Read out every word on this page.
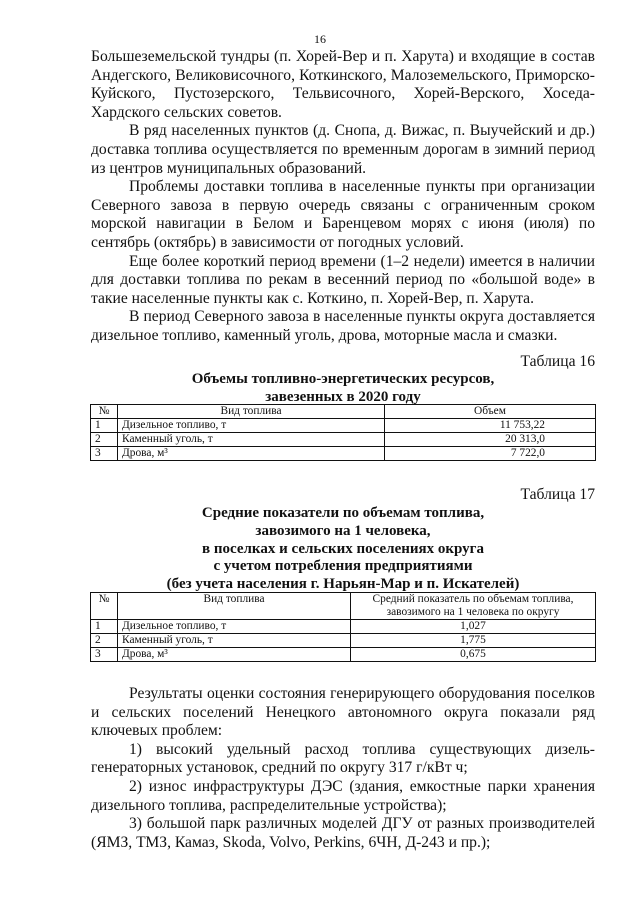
16

Большеземельской тундры (п. Хорей-Вер и п. Харута) и входящие в состав Андегского, Великовисочного, Коткинского, Малоземельского, Приморско-Куйского, Пустозерского, Тельвисочного, Хорей-Верского, Хоседа-Хардского сельских советов.

В ряд населенных пунктов (д. Снопа, д. Вижас, п. Выучейский и др.) доставка топлива осуществляется по временным дорогам в зимний период из центров муниципальных образований.

Проблемы доставки топлива в населенные пункты при организации Северного завоза в первую очередь связаны с ограниченным сроком морской навигации в Белом и Баренцевом морях с июня (июля) по сентябрь (октябрь) в зависимости от погодных условий.

Еще более короткий период времени (1–2 недели) имеется в наличии для доставки топлива по рекам в весенний период по «большой воде» в такие населенные пункты как с. Коткино, п. Хорей-Вер, п. Харута.

В период Северного завоза в населенные пункты округа доставляется дизельное топливо, каменный уголь, дрова, моторные масла и смазки.

Таблица 16
Объемы топливно-энергетических ресурсов,
завезенных в 2020 году
№	Вид топлива	Объем
1	Дизельное топливо, т	11 753,22
2	Каменный уголь, т	20 313,0
3	Дрова, м³	7 722,0
Таблица 17
Средние показатели по объемам топлива,
завозимого на 1 человека,
в поселках и сельских поселениях округа
с учетом потребления предприятиями
(без учета населения г. Нарьян-Мар и п. Искателей)
№	Вид топлива	Средний показатель по объемам топлива, завозимого на 1 человека по округу
1	Дизельное топливо, т	1,027
2	Каменный уголь, т	1,775
3	Дрова, м³	0,675

Результаты оценки состояния генерирующего оборудования поселков и сельских поселений Ненецкого автономного округа показали ряд ключевых проблем:

1) высокий удельный расход топлива существующих дизель-генераторных установок, средний по округу 317 г/кВт ч;

2) износ инфраструктуры ДЭС (здания, емкостные парки хранения дизельного топлива, распределительные устройства);

3) большой парк различных моделей ДГУ от разных производителей (ЯМЗ, ТМЗ, Камаз, Skoda, Volvo, Perkins, 6ЧН, Д-243 и пр.);
